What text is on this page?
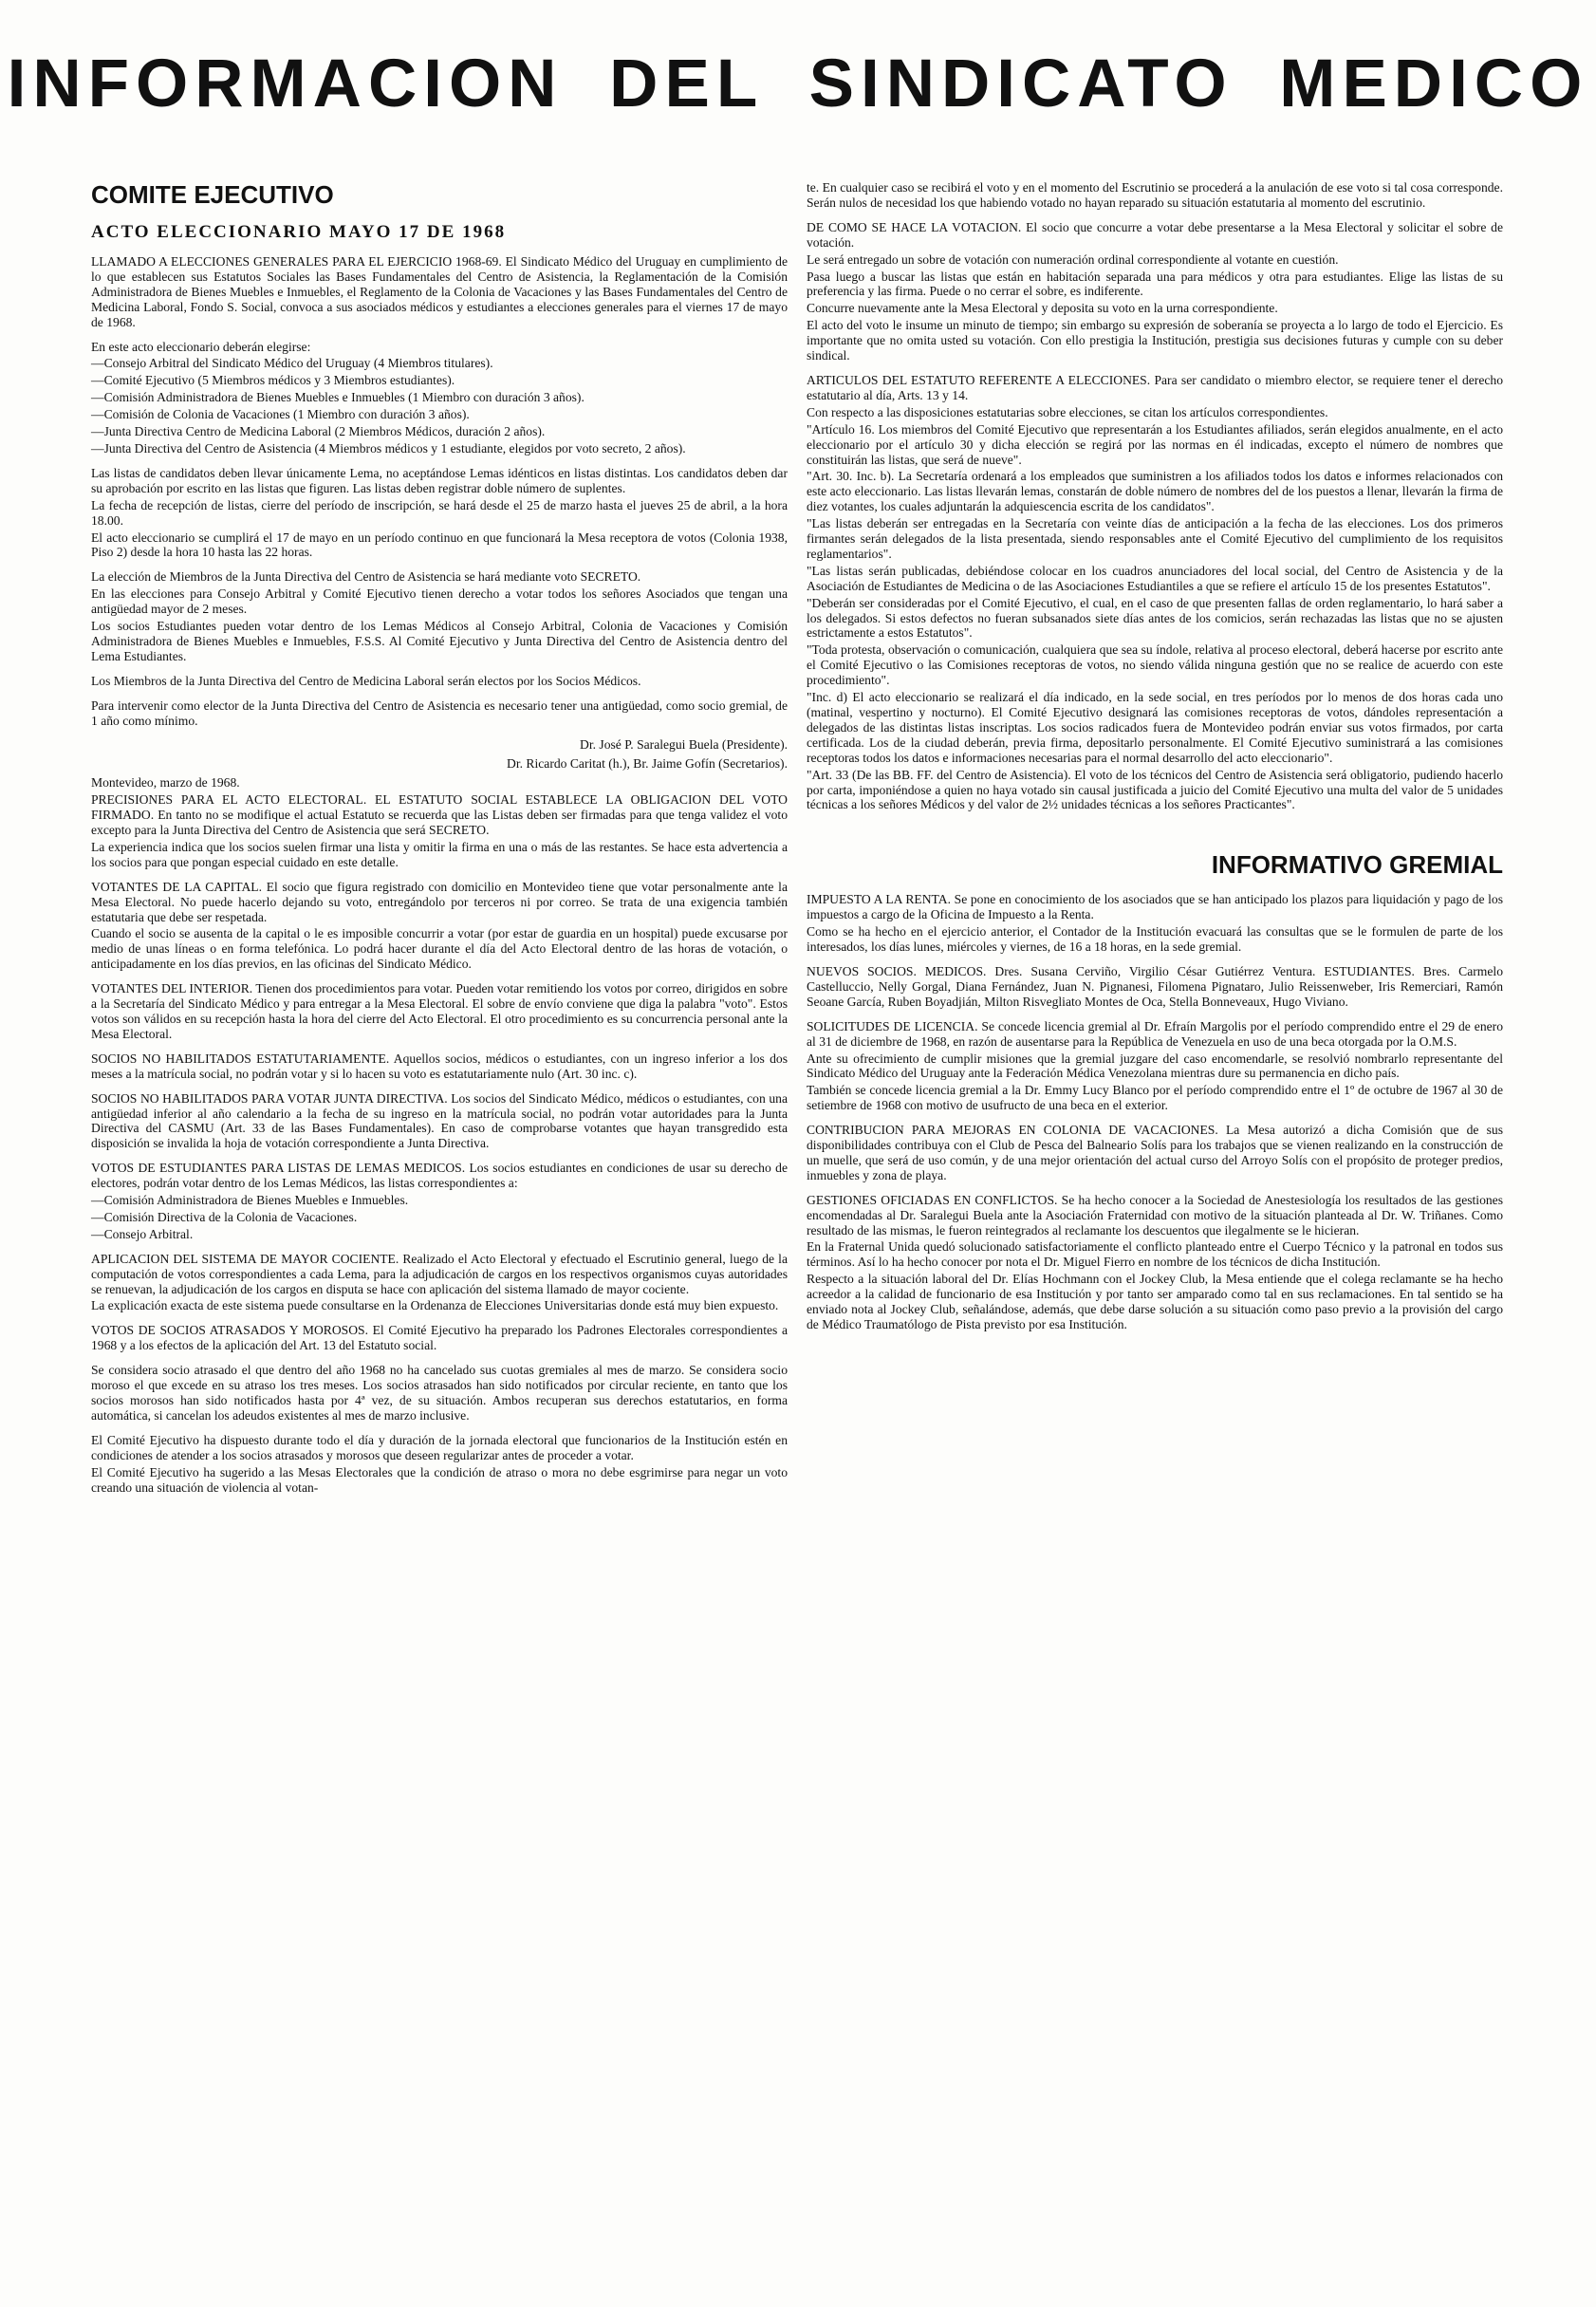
INFORMACION DEL SINDICATO MEDICO
COMITE EJECUTIVO
ACTO ELECCIONARIO MAYO 17 DE 1968

LLAMADO A ELECCIONES GENERALES PARA EL EJERCICIO 1968-69. El Sindicato Médico del Uruguay en cumplimiento de lo que establecen sus Estatutos Sociales las Bases Fundamentales del Centro de Asistencia, la Reglamentación de la Comisión Administradora de Bienes Muebles e Inmuebles, el Reglamento de la Colonia de Vacaciones y las Bases Fundamentales del Centro de Medicina Laboral, Fondo S. Social, convoca a sus asociados médicos y estudiantes a elecciones generales para el viernes 17 de mayo de 1968.

En este acto eleccionario deberán elegirse:

—Consejo Arbitral del Sindicato Médico del Uruguay (4 Miembros titulares).

—Comité Ejecutivo (5 Miembros médicos y 3 Miembros estudiantes).

—Comisión Administradora de Bienes Muebles e Inmuebles (1 Miembro con duración 3 años).

—Comisión de Colonia de Vacaciones (1 Miembro con duración 3 años).

—Junta Directiva Centro de Medicina Laboral (2 Miembros Médicos, duración 2 años).

—Junta Directiva del Centro de Asistencia (4 Miembros médicos y 1 estudiante, elegidos por voto secreto, 2 años).

Las listas de candidatos deben llevar únicamente Lema, no aceptándose Lemas idénticos en listas distintas. Los candidatos deben dar su aprobación por escrito en las listas que figuren. Las listas deben registrar doble número de suplentes.

La fecha de recepción de listas, cierre del período de inscripción, se hará desde el 25 de marzo hasta el jueves 25 de abril, a la hora 18.00.

El acto eleccionario se cumplirá el 17 de mayo en un período continuo en que funcionará la Mesa receptora de votos (Colonia 1938, Piso 2) desde la hora 10 hasta las 22 horas.

La elección de Miembros de la Junta Directiva del Centro de Asistencia se hará mediante voto SECRETO.

En las elecciones para Consejo Arbitral y Comité Ejecutivo tienen derecho a votar todos los señores Asociados que tengan una antigüedad mayor de 2 meses.

Los socios Estudiantes pueden votar dentro de los Lemas Médicos al Consejo Arbitral, Colonia de Vacaciones y Comisión Administradora de Bienes Muebles e Inmuebles, F.S.S. Al Comité Ejecutivo y Junta Directiva del Centro de Asistencia dentro del Lema Estudiantes.

Los Miembros de la Junta Directiva del Centro de Medicina Laboral serán electos por los Socios Médicos.

Para intervenir como elector de la Junta Directiva del Centro de Asistencia es necesario tener una antigüedad, como socio gremial, de 1 año como mínimo.

Dr. José P. Saralegui Buela (Presidente).

Dr. Ricardo Caritat (h.), Br. Jaime Gofín (Secretarios).

Montevideo, marzo de 1968.

PRECISIONES PARA EL ACTO ELECTORAL. EL ESTATUTO SOCIAL ESTABLECE LA OBLIGACION DEL VOTO FIRMADO. En tanto no se modifique el actual Estatuto se recuerda que las Listas deben ser firmadas para que tenga validez el voto excepto para la Junta Directiva del Centro de Asistencia que será SECRETO.

La experiencia indica que los socios suelen firmar una lista y omitir la firma en una o más de las restantes. Se hace esta advertencia a los socios para que pongan especial cuidado en este detalle.

VOTANTES DE LA CAPITAL. El socio que figura registrado con domicilio en Montevideo tiene que votar personalmente ante la Mesa Electoral. No puede hacerlo dejando su voto, entregándolo por terceros ni por correo. Se trata de una exigencia también estatutaria que debe ser respetada.

Cuando el socio se ausenta de la capital o le es imposible concurrir a votar (por estar de guardia en un hospital) puede excusarse por medio de unas líneas o en forma telefónica. Lo podrá hacer durante el día del Acto Electoral dentro de las horas de votación, o anticipadamente en los días previos, en las oficinas del Sindicato Médico.

VOTANTES DEL INTERIOR. Tienen dos procedimientos para votar. Pueden votar remitiendo los votos por correo, dirigidos en sobre a la Secretaría del Sindicato Médico y para entregar a la Mesa Electoral. El sobre de envío conviene que diga la palabra "voto". Estos votos son válidos en su recepción hasta la hora del cierre del Acto Electoral. El otro procedimiento es su concurrencia personal ante la Mesa Electoral.

SOCIOS NO HABILITADOS ESTATUTARIAMENTE. Aquellos socios, médicos o estudiantes, con un ingreso inferior a los dos meses a la matrícula social, no podrán votar y si lo hacen su voto es estatutariamente nulo (Art. 30 inc. c).

SOCIOS NO HABILITADOS PARA VOTAR JUNTA DIRECTIVA. Los socios del Sindicato Médico, médicos o estudiantes, con una antigüedad inferior al año calendario a la fecha de su ingreso en la matrícula social, no podrán votar autoridades para la Junta Directiva del CASMU (Art. 33 de las Bases Fundamentales). En caso de comprobarse votantes que hayan transgredido esta disposición se invalida la hoja de votación correspondiente a Junta Directiva.

VOTOS DE ESTUDIANTES PARA LISTAS DE LEMAS MEDICOS. Los socios estudiantes en condiciones de usar su derecho de electores, podrán votar dentro de los Lemas Médicos, las listas correspondientes a:

—Comisión Administradora de Bienes Muebles e Inmuebles.

—Comisión Directiva de la Colonia de Vacaciones.

—Consejo Arbitral.

APLICACION DEL SISTEMA DE MAYOR COCIENTE. Realizado el Acto Electoral y efectuado el Escrutinio general, luego de la computación de votos correspondientes a cada Lema, para la adjudicación de cargos en los respectivos organismos cuyas autoridades se renuevan, la adjudicación de los cargos en disputa se hace con aplicación del sistema llamado de mayor cociente.

La explicación exacta de este sistema puede consultarse en la Ordenanza de Elecciones Universitarias donde está muy bien expuesto.

VOTOS DE SOCIOS ATRASADOS Y MOROSOS. El Comité Ejecutivo ha preparado los Padrones Electorales correspondientes a 1968 y a los efectos de la aplicación del Art. 13 del Estatuto social.

Se considera socio atrasado el que dentro del año 1968 no ha cancelado sus cuotas gremiales al mes de marzo. Se considera socio moroso el que excede en su atraso los tres meses. Los socios atrasados han sido notificados por circular reciente, en tanto que los socios morosos han sido notificados hasta por 4ª vez, de su situación. Ambos recuperan sus derechos estatutarios, en forma automática, si cancelan los adeudos existentes al mes de marzo inclusive.

El Comité Ejecutivo ha dispuesto durante todo el día y duración de la jornada electoral que funcionarios de la Institución estén en condiciones de atender a los socios atrasados y morosos que deseen regularizar antes de proceder a votar.

El Comité Ejecutivo ha sugerido a las Mesas Electorales que la condición de atraso o mora no debe esgrimirse para negar un voto creando una situación de violencia al votan-

te. En cualquier caso se recibirá el voto y en el momento del Escrutinio se procederá a la anulación de ese voto si tal cosa corresponde. Serán nulos de necesidad los que habiendo votado no hayan reparado su situación estatutaria al momento del escrutinio.

DE COMO SE HACE LA VOTACION. El socio que concurre a votar debe presentarse a la Mesa Electoral y solicitar el sobre de votación.

Le será entregado un sobre de votación con numeración ordinal correspondiente al votante en cuestión.

Pasa luego a buscar las listas que están en habitación separada una para médicos y otra para estudiantes. Elige las listas de su preferencia y las firma. Puede o no cerrar el sobre, es indiferente.

Concurre nuevamente ante la Mesa Electoral y deposita su voto en la urna correspondiente.

El acto del voto le insume un minuto de tiempo; sin embargo su expresión de soberanía se proyecta a lo largo de todo el Ejercicio. Es importante que no omita usted su votación. Con ello prestigia la Institución, prestigia sus decisiones futuras y cumple con su deber sindical.

ARTICULOS DEL ESTATUTO REFERENTE A ELECCIONES. Para ser candidato o miembro elector, se requiere tener el derecho estatutario al día, Arts. 13 y 14.

Con respecto a las disposiciones estatutarias sobre elecciones, se citan los artículos correspondientes.

"Artículo 16. Los miembros del Comité Ejecutivo que representarán a los Estudiantes afiliados, serán elegidos anualmente, en el acto eleccionario por el artículo 30 y dicha elección se regirá por las normas en él indicadas, excepto el número de nombres que constituirán las listas, que será de nueve".

"Art. 30. Inc. b). La Secretaría ordenará a los empleados que suministren a los afiliados todos los datos e informes relacionados con este acto eleccionario. Las listas llevarán lemas, constarán de doble número de nombres del de los puestos a llenar, llevarán la firma de diez votantes, los cuales adjuntarán la adquiescencia escrita de los candidatos".

"Las listas deberán ser entregadas en la Secretaría con veinte días de anticipación a la fecha de las elecciones. Los dos primeros firmantes serán delegados de la lista presentada, siendo responsables ante el Comité Ejecutivo del cumplimiento de los requisitos reglamentarios".

"Las listas serán publicadas, debiéndose colocar en los cuadros anunciadores del local social, del Centro de Asistencia y de la Asociación de Estudiantes de Medicina o de las Asociaciones Estudiantiles a que se refiere el artículo 15 de los presentes Estatutos".

"Deberán ser consideradas por el Comité Ejecutivo, el cual, en el caso de que presenten fallas de orden reglamentario, lo hará saber a los delegados. Si estos defectos no fueran subsanados siete días antes de los comicios, serán rechazadas las listas que no se ajusten estrictamente a estos Estatutos".

"Toda protesta, observación o comunicación, cualquiera que sea su índole, relativa al proceso electoral, deberá hacerse por escrito ante el Comité Ejecutivo o las Comisiones receptoras de votos, no siendo válida ninguna gestión que no se realice de acuerdo con este procedimiento".

"Inc. d) El acto eleccionario se realizará el día indicado, en la sede social, en tres períodos por lo menos de dos horas cada uno (matinal, vespertino y nocturno). El Comité Ejecutivo designará las comisiones receptoras de votos, dándoles representación a delegados de las distintas listas inscriptas. Los socios radicados fuera de Montevideo podrán enviar sus votos firmados, por carta certificada. Los de la ciudad deberán, previa firma, depositarlo personalmente. El Comité Ejecutivo suministrará a las comisiones receptoras todos los datos e informaciones necesarias para el normal desarrollo del acto eleccionario".

"Art. 33 (De las BB. FF. del Centro de Asistencia). El voto de los técnicos del Centro de Asistencia será obligatorio, pudiendo hacerlo por carta, imponiéndose a quien no haya votado sin causal justificada a juicio del Comité Ejecutivo una multa del valor de 5 unidades técnicas a los señores Médicos y del valor de 2½ unidades técnicas a los señores Practicantes".

INFORMATIVO GREMIAL

IMPUESTO A LA RENTA. Se pone en conocimiento de los asociados que se han anticipado los plazos para liquidación y pago de los impuestos a cargo de la Oficina de Impuesto a la Renta.

Como se ha hecho en el ejercicio anterior, el Contador de la Institución evacuará las consultas que se le formulen de parte de los interesados, los días lunes, miércoles y viernes, de 16 a 18 horas, en la sede gremial.

NUEVOS SOCIOS. MEDICOS. Dres. Susana Cerviño, Virgilio César Gutiérrez Ventura. ESTUDIANTES. Bres. Carmelo Castelluccio, Nelly Gorgal, Diana Fernández, Juan N. Pignanesi, Filomena Pignataro, Julio Reissenweber, Iris Remerciari, Ramón Seoane García, Ruben Boyadjián, Milton Risvegliato Montes de Oca, Stella Bonneveaux, Hugo Viviano.

SOLICITUDES DE LICENCIA. Se concede licencia gremial al Dr. Efraín Margolis por el período comprendido entre el 29 de enero al 31 de diciembre de 1968, en razón de ausentarse para la República de Venezuela en uso de una beca otorgada por la O.M.S.

Ante su ofrecimiento de cumplir misiones que la gremial juzgare del caso encomendarle, se resolvió nombrarlo representante del Sindicato Médico del Uruguay ante la Federación Médica Venezolana mientras dure su permanencia en dicho país.

También se concede licencia gremial a la Dr. Emmy Lucy Blanco por el período comprendido entre el 1º de octubre de 1967 al 30 de setiembre de 1968 con motivo de usufructo de una beca en el exterior.

CONTRIBUCION PARA MEJORAS EN COLONIA DE VACACIONES. La Mesa autorizó a dicha Comisión que de sus disponibilidades contribuya con el Club de Pesca del Balneario Solís para los trabajos que se vienen realizando en la construcción de un muelle, que será de uso común, y de una mejor orientación del actual curso del Arroyo Solís con el propósito de proteger predios, inmuebles y zona de playa.

GESTIONES OFICIADAS EN CONFLICTOS. Se ha hecho conocer a la Sociedad de Anestesiología los resultados de las gestiones encomendadas al Dr. Saralegui Buela ante la Asociación Fraternidad con motivo de la situación planteada al Dr. W. Triñanes. Como resultado de las mismas, le fueron reintegrados al reclamante los descuentos que ilegalmente se le hicieran.

En la Fraternal Unida quedó solucionado satisfactoriamente el conflicto planteado entre el Cuerpo Técnico y la patronal en todos sus términos. Así lo ha hecho conocer por nota el Dr. Miguel Fierro en nombre de los técnicos de dicha Institución.

Respecto a la situación laboral del Dr. Elías Hochmann con el Jockey Club, la Mesa entiende que el colega reclamante se ha hecho acreedor a la calidad de funcionario de esa Institución y por tanto ser amparado como tal en sus reclamaciones. En tal sentido se ha enviado nota al Jockey Club, señalándose, además, que debe darse solución a su situación como paso previo a la provisión del cargo de Médico Traumatólogo de Pista previsto por esa Institución.
